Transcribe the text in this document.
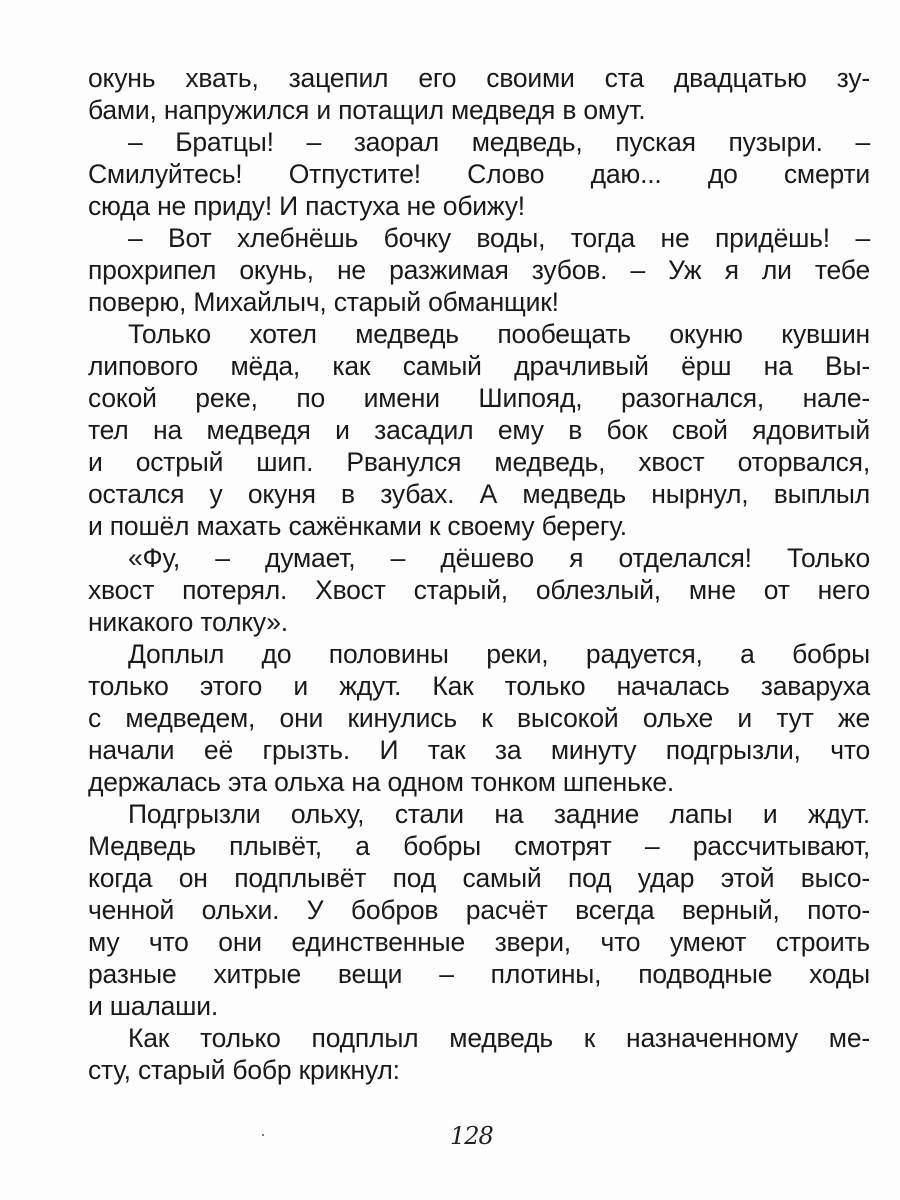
окунь хвать, зацепил его своими ста двадцатью зу-
бами, напружился и потащил медведя в омут.
– Братцы! – заорал медведь, пуская пузыри. –
Смилуйтесь! Отпустите! Слово даю... до смерти
сюда не приду! И пастуха не обижу!
– Вот хлебнёшь бочку воды, тогда не придёшь! –
прохрипел окунь, не разжимая зубов. – Уж я ли тебе
поверю, Михайлыч, старый обманщик!
Только хотел медведь пообещать окуню кувшин
липового мёда, как самый драчливый ёрш на Вы-
сокой реке, по имени Шипояд, разогнался, нале-
тел на медведя и засадил ему в бок свой ядовитый
и острый шип. Рванулся медведь, хвост оторвался,
остался у окуня в зубах. А медведь нырнул, выплыл
и пошёл махать сажёнками к своему берегу.
«Фу, – думает, – дёшево я отделался! Только
хвост потерял. Хвост старый, облезлый, мне от него
никакого толку».
Доплыл до половины реки, радуется, а бобры
только этого и ждут. Как только началась заваруха
с медведем, они кинулись к высокой ольхе и тут же
начали её грызть. И так за минуту подгрызли, что
держалась эта ольха на одном тонком шпеньке.
Подгрызли ольху, стали на задние лапы и ждут.
Медведь плывёт, а бобры смотрят – рассчитывают,
когда он подплывёт под самый под удар этой высо-
ченной ольхи. У бобров расчёт всегда верный, пото-
му что они единственные звери, что умеют строить
разные хитрые вещи – плотины, подводные ходы
и шалаши.
Как только подплыл медведь к назначенному ме-
сту, старый бобр крикнул:
128
